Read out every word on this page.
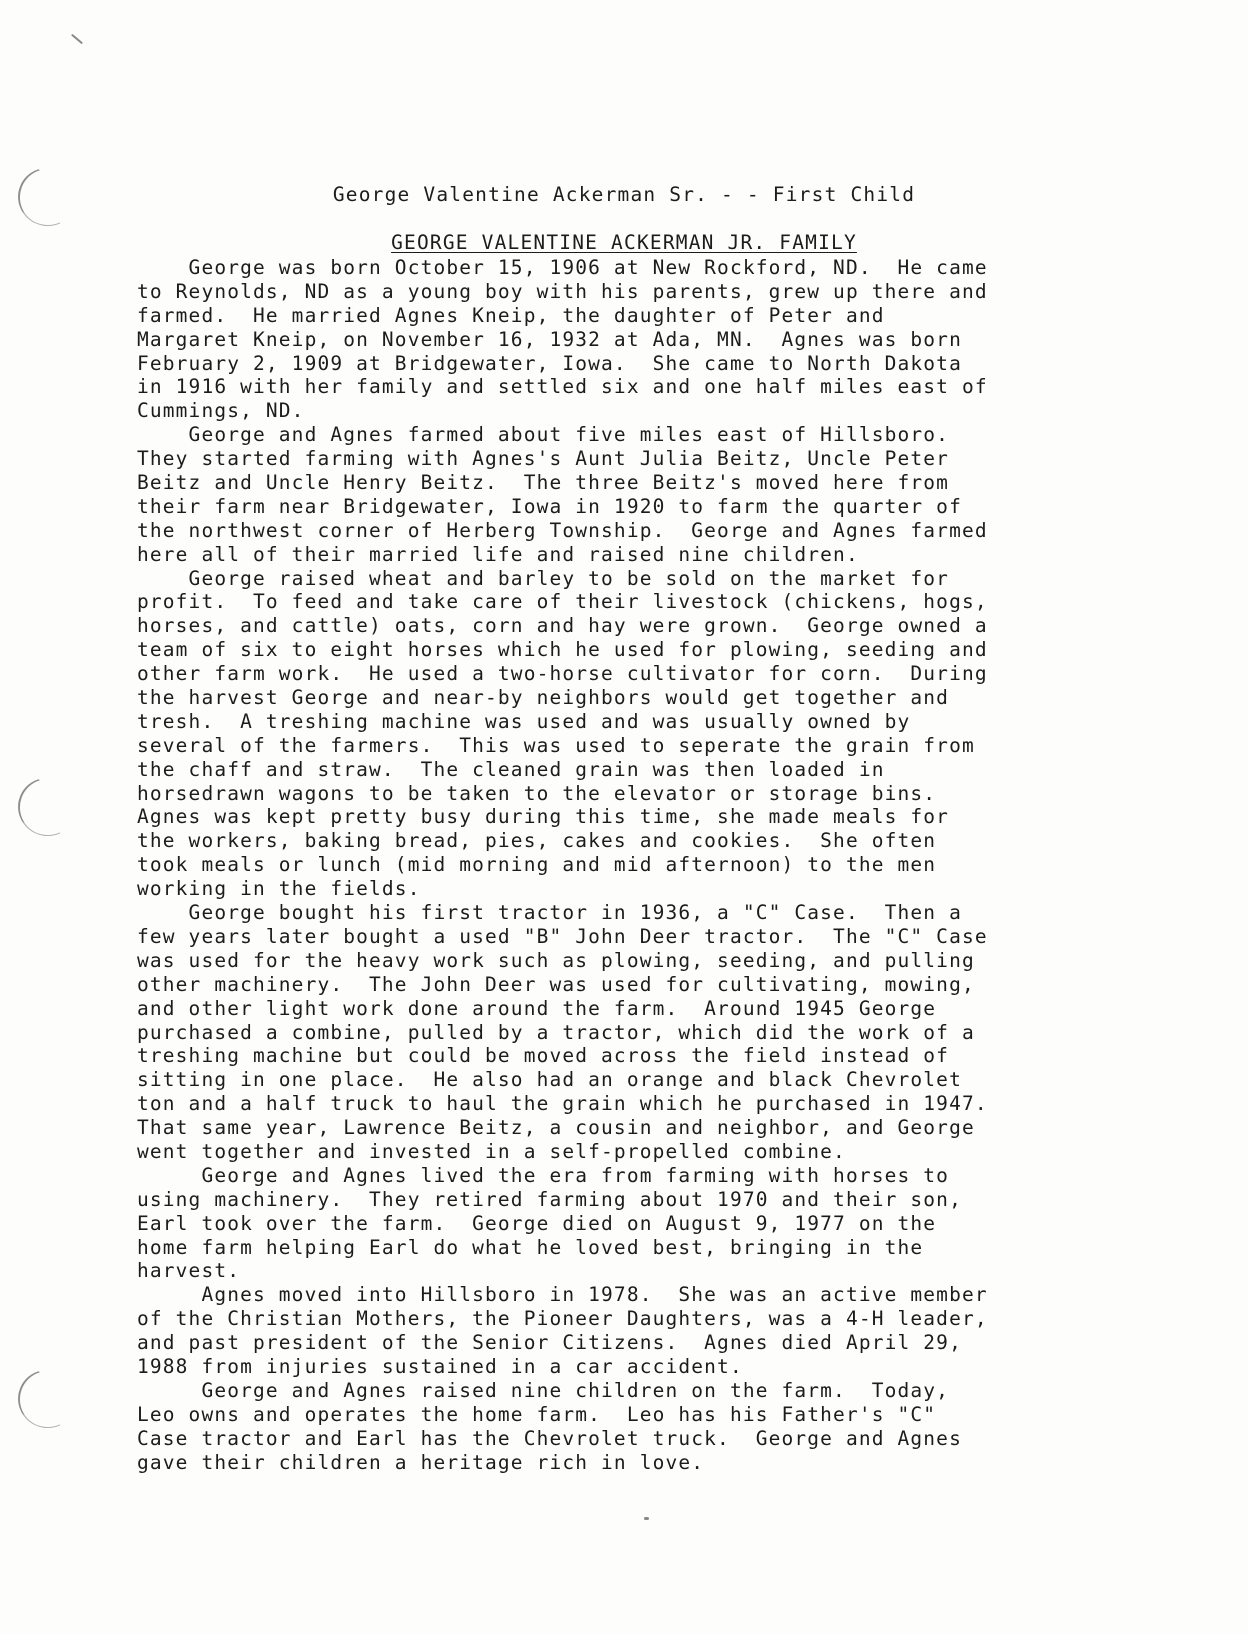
George Valentine Ackerman Sr. - - First Child
GEORGE VALENTINE ACKERMAN JR. FAMILY
George was born October 15, 1906 at New Rockford, ND.  He came
to Reynolds, ND as a young boy with his parents, grew up there and
farmed.  He married Agnes Kneip, the daughter of Peter and
Margaret Kneip, on November 16, 1932 at Ada, MN.  Agnes was born
February 2, 1909 at Bridgewater, Iowa.  She came to North Dakota
in 1916 with her family and settled six and one half miles east of
Cummings, ND.
George and Agnes farmed about five miles east of Hillsboro.
They started farming with Agnes's Aunt Julia Beitz, Uncle Peter
Beitz and Uncle Henry Beitz.  The three Beitz's moved here from
their farm near Bridgewater, Iowa in 1920 to farm the quarter of
the northwest corner of Herberg Township.  George and Agnes farmed
here all of their married life and raised nine children.
George raised wheat and barley to be sold on the market for
profit.  To feed and take care of their livestock (chickens, hogs,
horses, and cattle) oats, corn and hay were grown.  George owned a
team of six to eight horses which he used for plowing, seeding and
other farm work.  He used a two-horse cultivator for corn.  During
the harvest George and near-by neighbors would get together and
tresh.  A treshing machine was used and was usually owned by
several of the farmers.  This was used to seperate the grain from
the chaff and straw.  The cleaned grain was then loaded in
horsedrawn wagons to be taken to the elevator or storage bins.
Agnes was kept pretty busy during this time, she made meals for
the workers, baking bread, pies, cakes and cookies.  She often
took meals or lunch (mid morning and mid afternoon) to the men
working in the fields.
George bought his first tractor in 1936, a "C" Case.  Then a
few years later bought a used "B" John Deer tractor.  The "C" Case
was used for the heavy work such as plowing, seeding, and pulling
other machinery.  The John Deer was used for cultivating, mowing,
and other light work done around the farm.  Around 1945 George
purchased a combine, pulled by a tractor, which did the work of a
treshing machine but could be moved across the field instead of
sitting in one place.  He also had an orange and black Chevrolet
ton and a half truck to haul the grain which he purchased in 1947.
That same year, Lawrence Beitz, a cousin and neighbor, and George
went together and invested in a self-propelled combine.
George and Agnes lived the era from farming with horses to
using machinery.  They retired farming about 1970 and their son,
Earl took over the farm.  George died on August 9, 1977 on the
home farm helping Earl do what he loved best, bringing in the
harvest.
Agnes moved into Hillsboro in 1978.  She was an active member
of the Christian Mothers, the Pioneer Daughters, was a 4-H leader,
and past president of the Senior Citizens.  Agnes died April 29,
1988 from injuries sustained in a car accident.
George and Agnes raised nine children on the farm.  Today,
Leo owns and operates the home farm.  Leo has his Father's "C"
Case tractor and Earl has the Chevrolet truck.  George and Agnes
gave their children a heritage rich in love.
